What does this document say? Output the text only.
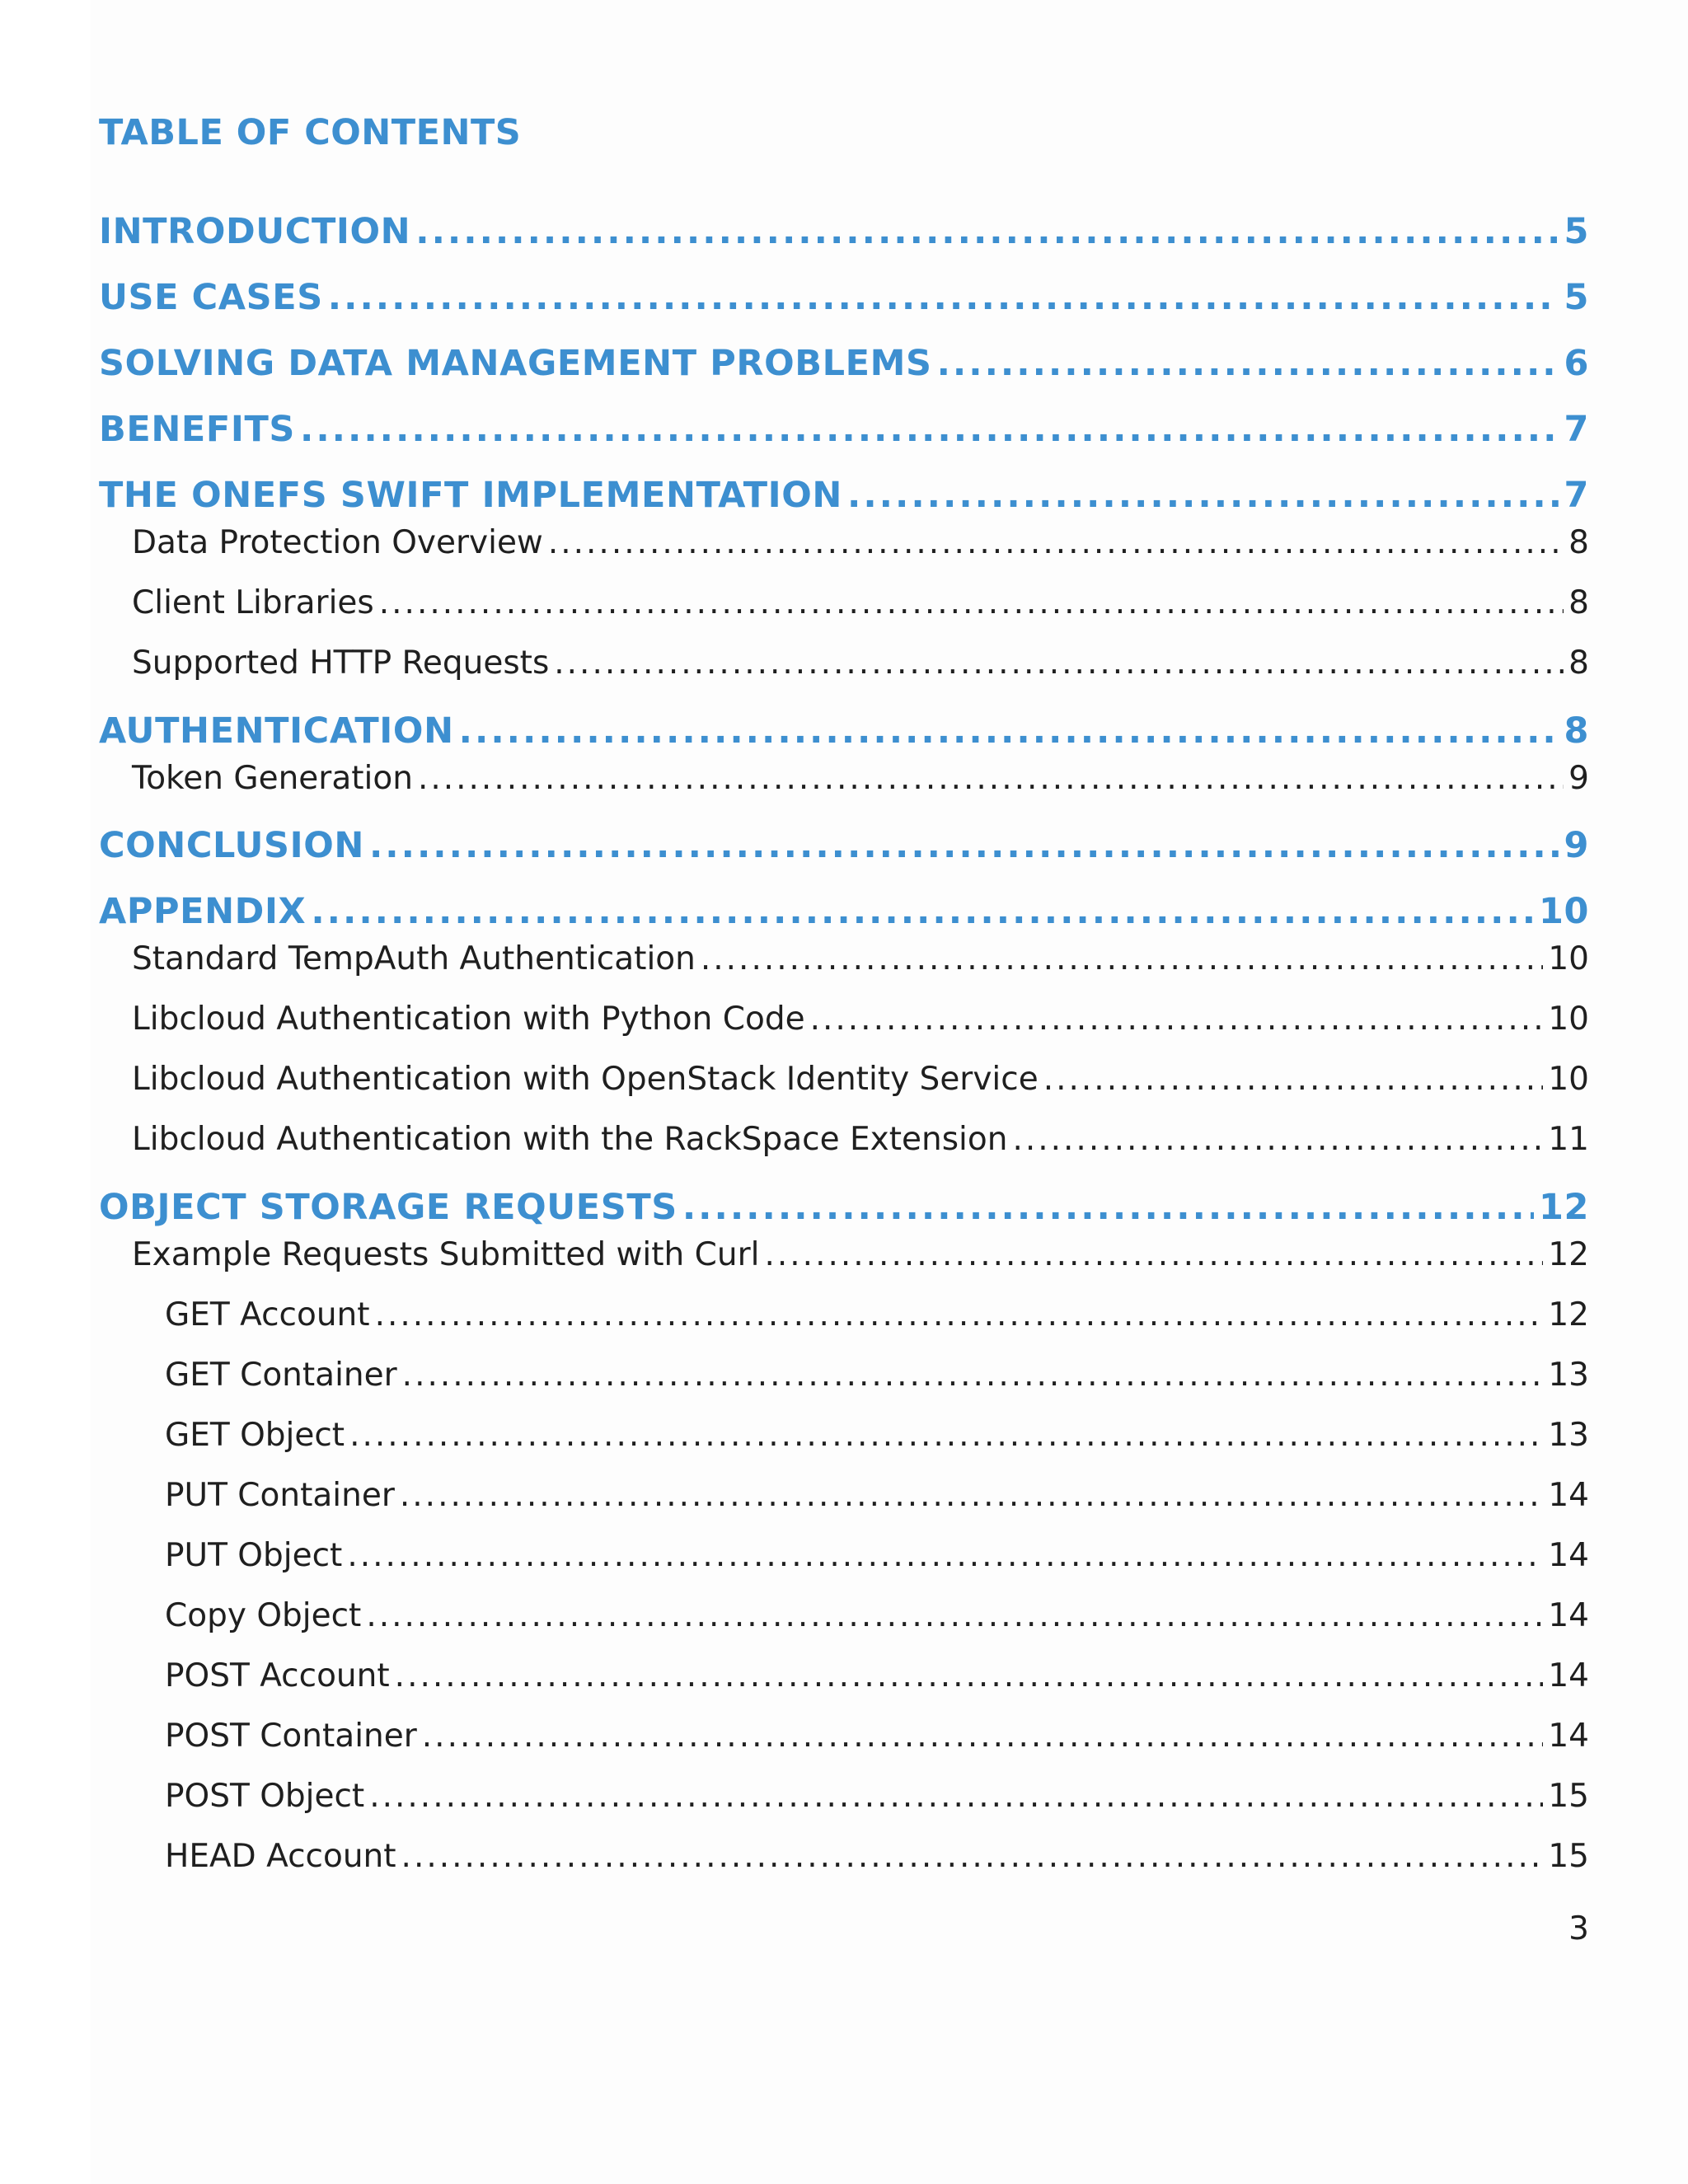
TABLE OF CONTENTS
INTRODUCTION .....	5
USE CASES .....	5
SOLVING DATA MANAGEMENT PROBLEMS .....	6
BENEFITS .....	7
THE ONEFS SWIFT IMPLEMENTATION .....	7
Data Protection Overview .....	8
Client Libraries .....	8
Supported HTTP Requests .....	8
AUTHENTICATION .....	8
Token Generation .....	9
CONCLUSION .....	9
APPENDIX .....	10
Standard TempAuth Authentication .....	10
Libcloud Authentication with Python Code .....	10
Libcloud Authentication with OpenStack Identity Service .....	10
Libcloud Authentication with the RackSpace Extension .....	11
OBJECT STORAGE REQUESTS .....	12
Example Requests Submitted with Curl .....	12
GET Account .....	12
GET Container .....	13
GET Object .....	13
PUT Container .....	14
PUT Object .....	14
Copy Object .....	14
POST Account .....	14
POST Container .....	14
POST Object .....	15
HEAD Account .....	15
3
